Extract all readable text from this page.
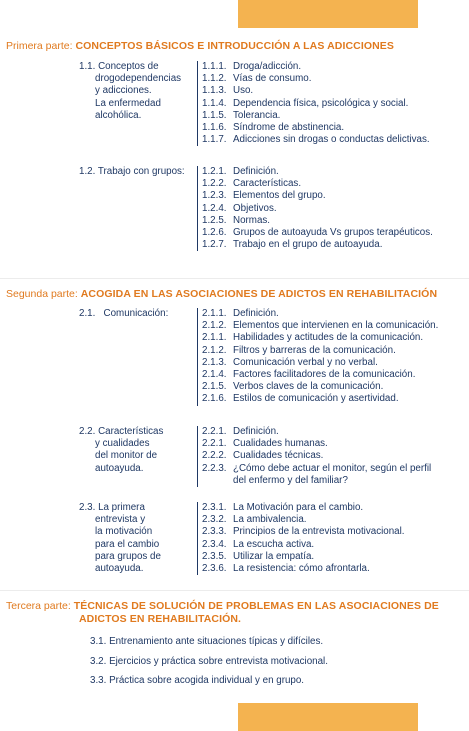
Primera parte: CONCEPTOS BÁSICOS E INTRODUCCIÓN A LAS ADICCIONES
1.1. Conceptos de
drogodependencias
y adicciones.
La enfermedad
alcohólica.
1.1.1. Droga/adicción.
1.1.2. Vías de consumo.
1.1.3. Uso.
1.1.4. Dependencia física, psicológica y social.
1.1.5. Tolerancia.
1.1.6. Síndrome de abstinencia.
1.1.7. Adicciones sin drogas o conductas delictivas.
1.2. Trabajo con grupos: 1.2.1. Definición.
1.2.2. Características.
1.2.3. Elementos del grupo.
1.2.4. Objetivos.
1.2.5. Normas.
1.2.6. Grupos de autoayuda Vs grupos terapéuticos.
1.2.7. Trabajo en el grupo de autoayuda.
Segunda parte: ACOGIDA EN LAS ASOCIACIONES DE ADICTOS EN REHABILITACIÓN
2.1.   Comunicación:	2.1.1. Definición.
2.1.2. Elementos que intervienen en la comunicación.
2.1.1. Habilidades y actitudes de la comunicación.
2.1.2. Filtros y barreras de la comunicación.
2.1.3. Comunicación verbal y no verbal.
2.1.4. Factores facilitadores de la comunicación.
2.1.5. Verbos claves de la comunicación.
2.1.6. Estilos de comunicación y asertividad.
2.2. Características
y cualidades
del monitor de
autoayuda.
2.2.1. Definición.
2.2.1. Cualidades humanas.
2.2.2. Cualidades técnicas.
2.2.3. ¿Cómo debe actuar el monitor, según el perfil
del enfermo y del familiar?
2.3. La primera
entrevista y
la motivación
para el cambio
para grupos de
autoayuda.
2.3.1. La Motivación para el cambio.
2.3.2. La ambivalencia.
2.3.3. Principios de la entrevista motivacional.
2.3.4. La escucha activa.
2.3.5. Utilizar la empatía.
2.3.6. La resistencia: cómo afrontarla.
Tercera parte: TÉCNICAS DE SOLUCIÓN DE PROBLEMAS EN LAS ASOCIACIONES DE
ADICTOS EN REHABILITACIÓN.
3.1. Entrenamiento ante situaciones típicas y difíciles.
3.2. Ejercicios y práctica sobre entrevista motivacional.
3.3. Práctica sobre acogida individual y en grupo.
